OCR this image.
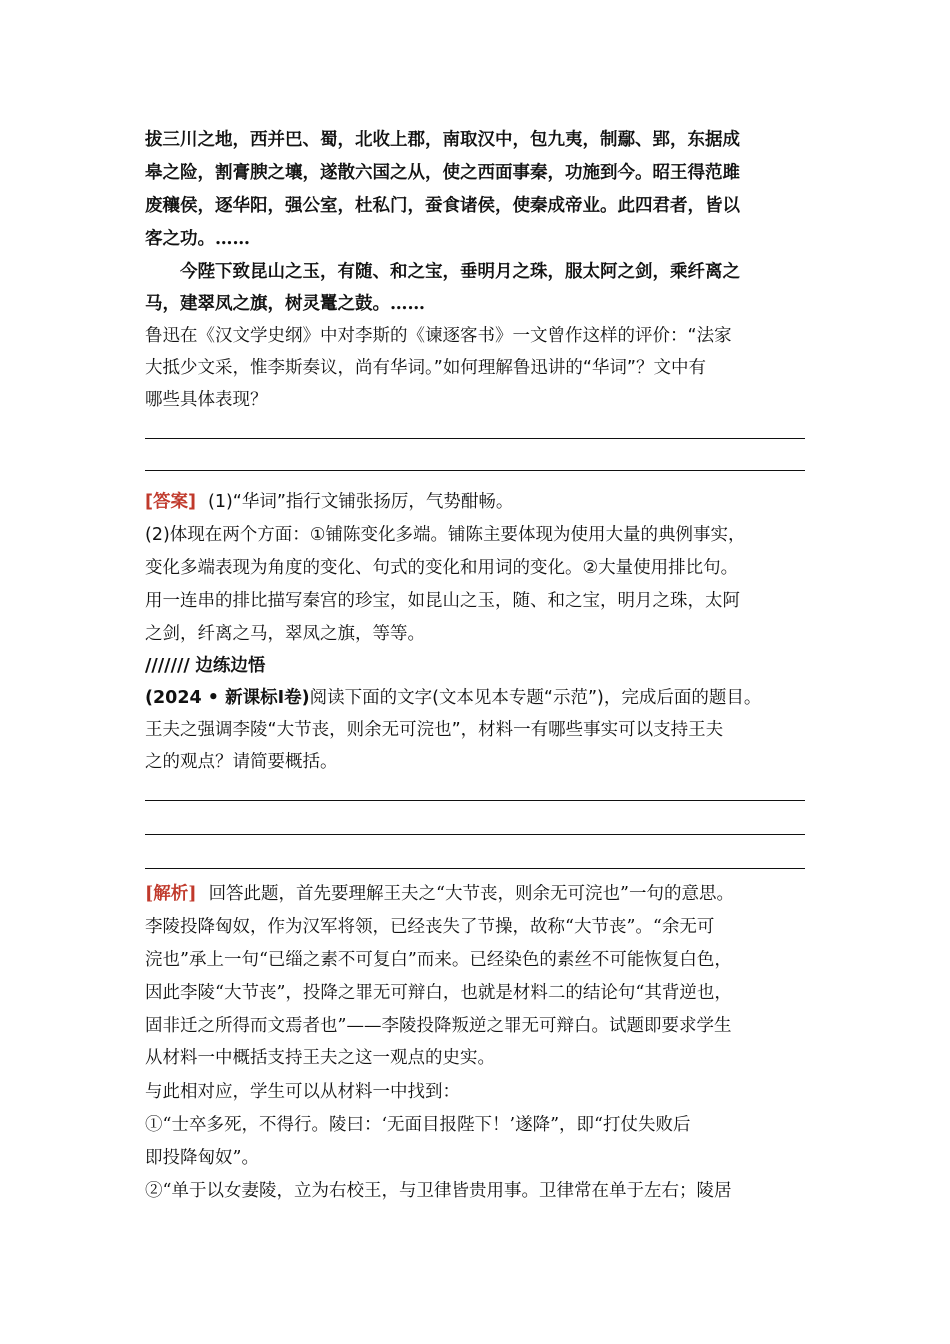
拔三川之地，西并巴、蜀，北收上郡，南取汉中，包九夷，制鄢、郢，东据成
皋之险，割膏腴之壤，遂散六国之从，使之西面事秦，功施到今。昭王得范雎
废穰侯，逐华阳，强公室，杜私门，蚕食诸侯，使秦成帝业。此四君者，皆以
客之功。……
今陛下致昆山之玉，有随、和之宝，垂明月之珠，服太阿之剑，乘纤离之
马，建翠凤之旗，树灵鼍之鼓。……
鲁迅在《汉文学史纲》中对李斯的《谏逐客书》一文曾作这样的评价：“法家
大抵少文采，惟李斯奏议，尚有华词。”如何理解鲁迅讲的“华词”？文中有
哪些具体表现？
[答案] (1)“华词”指行文铺张扬厉，气势酣畅。
(2)体现在两个方面：①铺陈变化多端。铺陈主要体现为使用大量的典例事实，
变化多端表现为角度的变化、句式的变化和用词的变化。②大量使用排比句。
用一连串的排比描写秦宫的珍宝，如昆山之玉，随、和之宝，明月之珠，太阿
之剑，纤离之马，翠凤之旗，等等。
/////// 边练边悟
(2024 • 新课标Ⅰ卷)阅读下面的文字(文本见本专题“示范”)，完成后面的题目。
王夫之强调李陵“大节丧，则余无可浣也”，材料一有哪些事实可以支持王夫
之的观点？请简要概括。
[解析] 回答此题，首先要理解王夫之“大节丧，则余无可浣也”一句的意思。
李陵投降匈奴，作为汉军将领，已经丧失了节操，故称“大节丧”。“余无可
浣也”承上一句“已缁之素不可复白”而来。已经染色的素丝不可能恢复白色，
因此李陵“大节丧”，投降之罪无可辩白，也就是材料二的结论句“其背逆也，
固非迁之所得而文焉者也”——李陵投降叛逆之罪无可辩白。试题即要求学生
从材料一中概括支持王夫之这一观点的史实。
与此相对应，学生可以从材料一中找到：
①“士卒多死，不得行。陵曰：‘无面目报陛下！’遂降”，即“打仗失败后
即投降匈奴”。
②“单于以女妻陵，立为右校王，与卫律皆贵用事。卫律常在单于左右；陵居
